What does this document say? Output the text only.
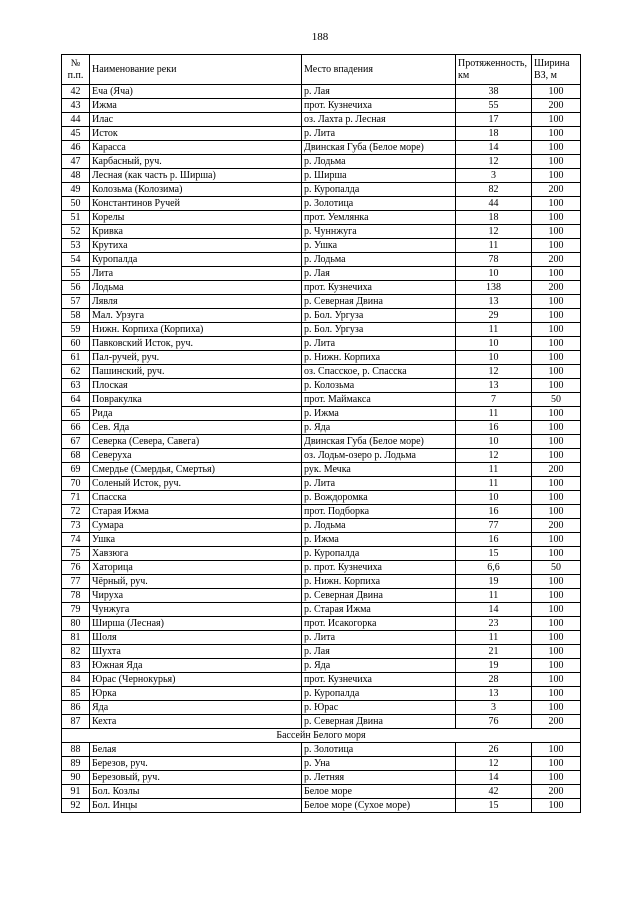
188
№ п.п.	Наименование реки	Место впадения	Протяженность, км	Ширина ВЗ, м
42	Еча (Яча)	р. Лая	38	100
43	Ижма	прот. Кузнечиха	55	200
44	Илас	оз. Лахта р. Лесная	17	100
45	Исток	р. Лита	18	100
46	Карасса	Двинская Губа (Белое море)	14	100
47	Карбасный, руч.	р. Лодьма	12	100
48	Лесная (как часть р. Ширша)	р. Ширша	3	100
49	Колозьма (Колозима)	р. Куропалда	82	200
50	Константинов Ручей	р. Золотица	44	100
51	Корелы	прот. Уемлянка	18	100
52	Кривка	р. Чуннжуга	12	100
53	Крутиха	р. Ушка	11	100
54	Куропалда	р. Лодьма	78	200
55	Лита	р. Лая	10	100
56	Лодьма	прот. Кузнечиха	138	200
57	Лявля	р. Северная Двина	13	100
58	Мал. Урзуга	р. Бол. Ургуза	29	100
59	Нижн. Корпиха (Корпиха)	р. Бол. Ургуза	11	100
60	Павковский Исток, руч.	р. Лита	10	100
61	Пал-ручей, руч.	р. Нижн. Корпиха	10	100
62	Пашинский, руч.	оз. Спасское, р. Спасска	12	100
63	Плоская	р. Колозьма	13	100
64	Повракулка	прот. Маймакса	7	50
65	Рида	р. Ижма	11	100
66	Сев. Яда	р. Яда	16	100
67	Северка (Севера, Савега)	Двинская Губа (Белое море)	10	100
68	Северуха	оз. Лодьм-озеро р. Лодьма	12	100
69	Смердье (Смердья, Смертья)	рук. Мечка	11	200
70	Соленый Исток, руч.	р. Лита	11	100
71	Спасска	р. Вождоромка	10	100
72	Старая Ижма	прот. Подборка	16	100
73	Сумара	р. Лодьма	77	200
74	Ушка	р. Ижма	16	100
75	Хавзюга	р. Куропалда	15	100
76	Хаторица	р. прот. Кузнечиха	6,6	50
77	Чёрный, руч.	р. Нижн. Корпиха	19	100
78	Чируха	р. Северная Двина	11	100
79	Чунжуга	р. Старая Ижма	14	100
80	Ширша (Лесная)	прот. Исакогорка	23	100
81	Шоля	р. Лита	11	100
82	Шухта	р. Лая	21	100
83	Южная Яда	р. Яда	19	100
84	Юрас (Чернокурья)	прот. Кузнечиха	28	100
85	Юрка	р. Куропалда	13	100
86	Яда	р. Юрас	3	100
87	Кехта	р. Северная Двина	76	200
Бассейн Белого моря				
88	Белая	р. Золотица	26	100
89	Березов, руч.	р. Уна	12	100
90	Березовый, руч.	р. Летняя	14	100
91	Бол. Козлы	Белое море	42	200
92	Бол. Инцы	Белое море (Сухое море)	15	100
